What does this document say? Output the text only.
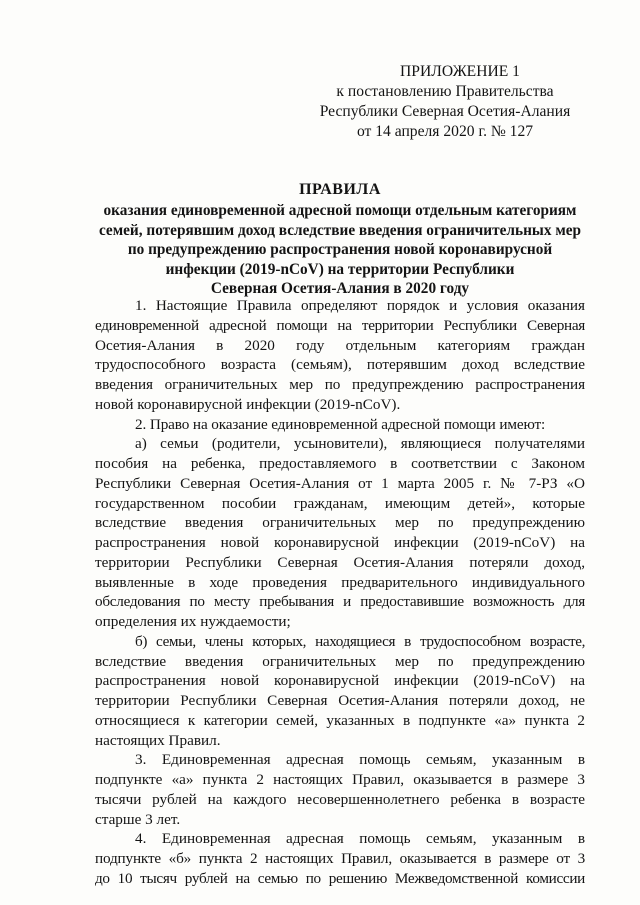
ПРИЛОЖЕНИЕ 1
к постановлению Правительства
Республики Северная Осетия-Алания
от 14 апреля 2020 г. № 127
ПРАВИЛА
оказания единовременной адресной помощи отдельным категориям
семей, потерявшим доход вследствие введения ограничительных мер
по предупреждению распространения новой коронавирусной
инфекции (2019-nCoV) на территории Республики
Северная Осетия-Алания в 2020 году

1. Настоящие Правила определяют порядок и условия оказания
единовременной адресной помощи на территории Республики Северная
Осетия-Алания в 2020 году отдельным категориям граждан
трудоспособного возраста (семьям), потерявшим доход вследствие
введения ограничительных мер по предупреждению распространения
новой коронавирусной инфекции (2019-nCoV).

2. Право на оказание единовременной адресной помощи имеют:

а) семьи (родители, усыновители), являющиеся получателями
пособия на ребенка, предоставляемого в соответствии с Законом
Республики Северная Осетия-Алания от 1 марта 2005 г. № 7-РЗ «О
государственном пособии гражданам, имеющим детей», которые
вследствие введения ограничительных мер по предупреждению
распространения новой коронавирусной инфекции (2019-nCoV) на
территории Республики Северная Осетия-Алания потеряли доход,
выявленные в ходе проведения предварительного индивидуального
обследования по месту пребывания и предоставившие возможность для
определения их нуждаемости;

б) семьи, члены которых, находящиеся в трудоспособном возрасте,
вследствие введения ограничительных мер по предупреждению
распространения новой коронавирусной инфекции (2019-nCoV) на
территории Республики Северная Осетия-Алания потеряли доход, не
относящиеся к категории семей, указанных в подпункте «а» пункта 2
настоящих Правил.

3. Единовременная адресная помощь семьям, указанным в
подпункте «а» пункта 2 настоящих Правил, оказывается в размере 3
тысячи рублей на каждого несовершеннолетнего ребенка в возрасте
старше 3 лет.

4. Единовременная адресная помощь семьям, указанным в
подпункте «б» пункта 2 настоящих Правил, оказывается в размере от 3
до 10 тысяч рублей на семью по решению Межведомственной комиссии
